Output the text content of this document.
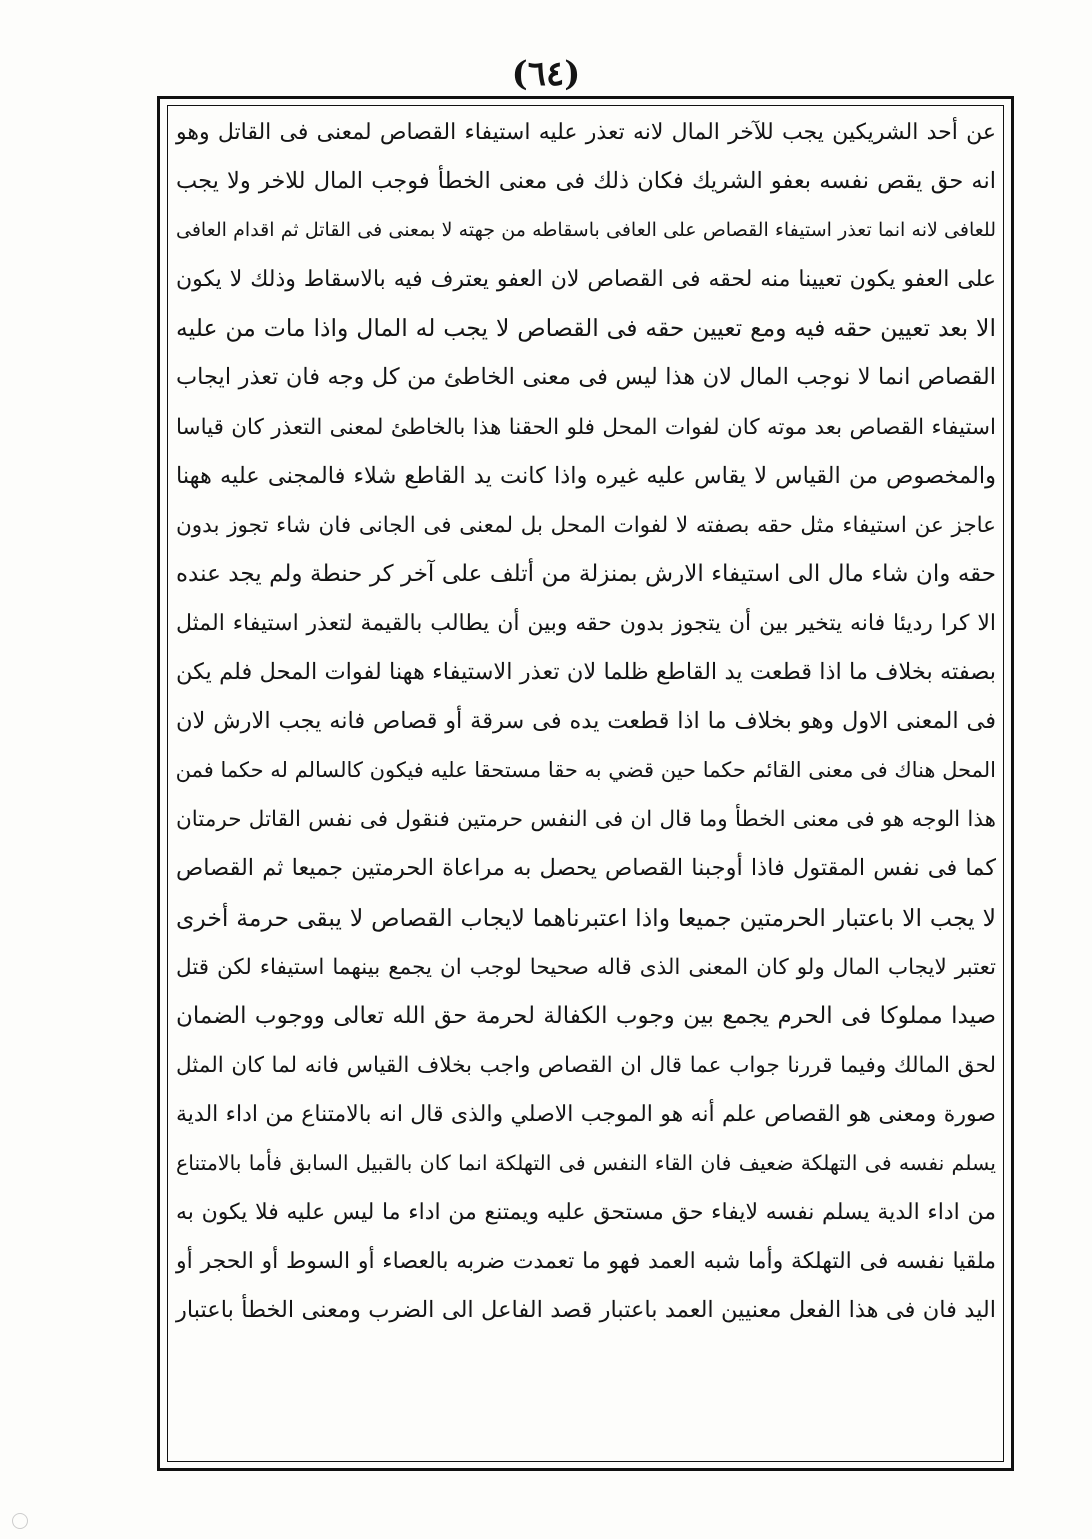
(٦٤)
عن أحد الشريكين يجب للآخر المال لانه تعذر عليه استيفاء القصاص لمعنى فى القاتل وهو
انه حق يقص نفسه بعفو الشريك فكان ذلك فى معنى الخطأ فوجب المال للاخر ولا يجب
للعافى لانه انما تعذر استيفاء القصاص على العافى باسقاطه من جهته لا بمعنى فى القاتل ثم اقدام العافى
على العفو يكون تعيينا منه لحقه فى القصاص لان العفو يعترف فيه بالاسقاط وذلك لا يكون
الا بعد تعيين حقه فيه ومع تعيين حقه فى القصاص لا يجب له المال واذا مات من عليه
القصاص انما لا نوجب المال لان هذا ليس فى معنى الخاطئ من كل وجه فان تعذر ايجاب
استيفاء القصاص بعد موته كان لفوات المحل فلو الحقنا هذا بالخاطئ لمعنى التعذر كان قياسا
والمخصوص من القياس لا يقاس عليه غيره واذا كانت يد القاطع شلاء فالمجنى عليه ههنا
عاجز عن استيفاء مثل حقه بصفته لا لفوات المحل بل لمعنى فى الجانى فان شاء تجوز بدون
حقه وان شاء مال الى استيفاء الارش بمنزلة من أتلف على آخر كر حنطة ولم يجد عنده
الا كرا رديئا فانه يتخير بين أن يتجوز بدون حقه وبين أن يطالب بالقيمة لتعذر استيفاء المثل
بصفته بخلاف ما اذا قطعت يد القاطع ظلما لان تعذر الاستيفاء ههنا لفوات المحل فلم يكن
فى المعنى الاول وهو بخلاف ما اذا قطعت يده فى سرقة أو قصاص فانه يجب الارش لان
المحل هناك فى معنى القائم حكما حين قضي به حقا مستحقا عليه فيكون كالسالم له حكما فمن
هذا الوجه هو فى معنى الخطأ وما قال ان فى النفس حرمتين فنقول فى نفس القاتل حرمتان
كما فى نفس المقتول فاذا أوجبنا القصاص يحصل به مراعاة الحرمتين جميعا ثم القصاص
لا يجب الا باعتبار الحرمتين جميعا واذا اعتبرناهما لايجاب القصاص لا يبقى حرمة أخرى
تعتبر لايجاب المال ولو كان المعنى الذى قاله صحيحا لوجب ان يجمع بينهما استيفاء لكن قتل
صيدا مملوكا فى الحرم يجمع بين وجوب الكفالة لحرمة حق الله تعالى ووجوب الضمان
لحق المالك وفيما قررنا جواب عما قال ان القصاص واجب بخلاف القياس فانه لما كان المثل
صورة ومعنى هو القصاص علم أنه هو الموجب الاصلي والذى قال انه بالامتناع من اداء الدية
يسلم نفسه فى التهلكة ضعيف فان القاء النفس فى التهلكة انما كان بالقبيل السابق فأما بالامتناع
من اداء الدية يسلم نفسه لايفاء حق مستحق عليه ويمتنع من اداء ما ليس عليه فلا يكون به
ملقيا نفسه فى التهلكة وأما شبه العمد فهو ما تعمدت ضربه بالعصاء أو السوط أو الحجر أو
اليد فان فى هذا الفعل معنيين العمد باعتبار قصد الفاعل الى الضرب ومعنى الخطأ باعتبار
